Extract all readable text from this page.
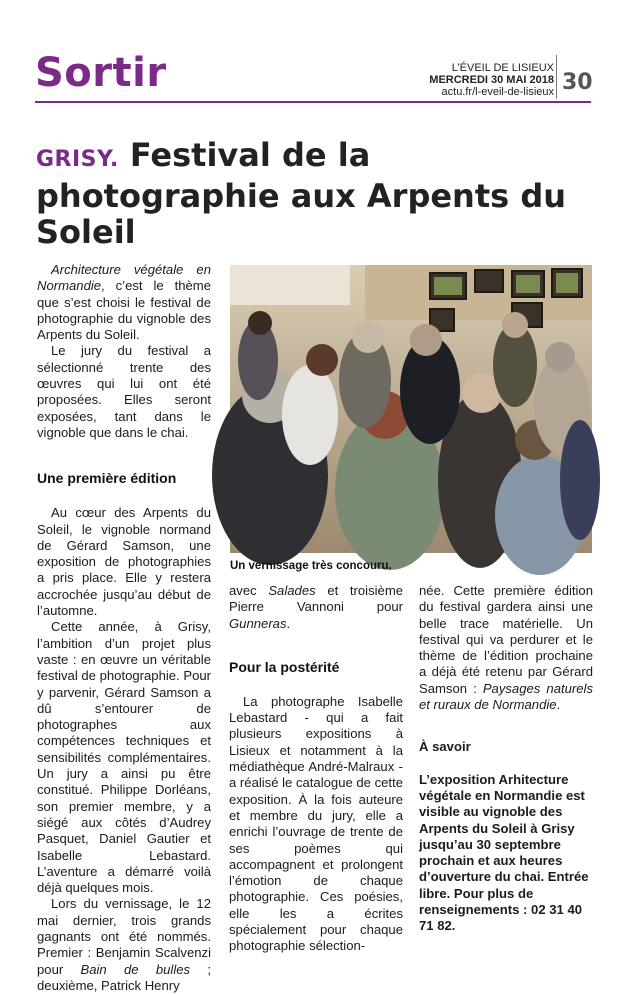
Sortir	L’ÉVEIL DE LISIEUX
MERCREDI 30 MAI 2018
actu.fr/l-eveil-de-lisieux 30
GRISY. Festival de la photographie aux Arpents du Soleil

Architecture végétale en Normandie, c’est le thème que s’est choisi le festival de photographie du vignoble des Arpents du Soleil.

Le jury du festival a sélectionné trente des œuvres qui lui ont été proposées. Elles seront exposées, tant dans le vignoble que dans le chai.

Une première édition

Au cœur des Arpents du Soleil, le vignoble normand de Gérard Samson, une exposition de photographies a pris place. Elle y restera accrochée jusqu’au début de l’automne.

Cette année, à Grisy, l’ambition d’un projet plus vaste : en œuvre un véritable festival de photographie. Pour y parvenir, Gérard Samson a dû s’entourer de photographes aux compétences techniques et sensibilités complémentaires. Un jury a ainsi pu être constitué. Philippe Dorléans, son premier membre, y a siégé aux côtés d’Audrey Pasquet, Daniel Gautier et Isabelle Lebastard. L’aventure a démarré voilà déjà quelques mois.

Lors du vernissage, le 12 mai dernier, trois grands gagnants ont été nommés. Premier : Benjamin Scalvenzi pour Bain de bulles ; deuxième, Patrick Henry

Un vernissage très concouru.

avec Salades et troisième Pierre Vannoni pour Gunneras.

Pour la postérité

La photographe Isabelle Lebastard - qui a fait plusieurs expositions à Lisieux et notamment à la médiathèque André-Malraux - a réalisé le catalogue de cette exposition. À la fois auteure et membre du jury, elle a enrichi l’ouvrage de trente de ses poèmes qui accompagnent et prolongent l’émotion de chaque photographie. Ces poésies, elle les a écrites spécialement pour chaque photographie sélection-

née. Cette première édition du festival gardera ainsi une belle trace matérielle. Un festival qui va perdurer et le thème de l’édition prochaine a déjà été retenu par Gérard Samson : Paysages naturels et ruraux de Normandie.

À savoir

L’exposition Arhitecture végétale en Normandie est visible au vignoble des Arpents du Soleil à Grisy jusqu’au 30 septembre prochain et aux heures d’ouverture du chai. Entrée libre. Pour plus de renseignements : 02 31 40 71 82.
